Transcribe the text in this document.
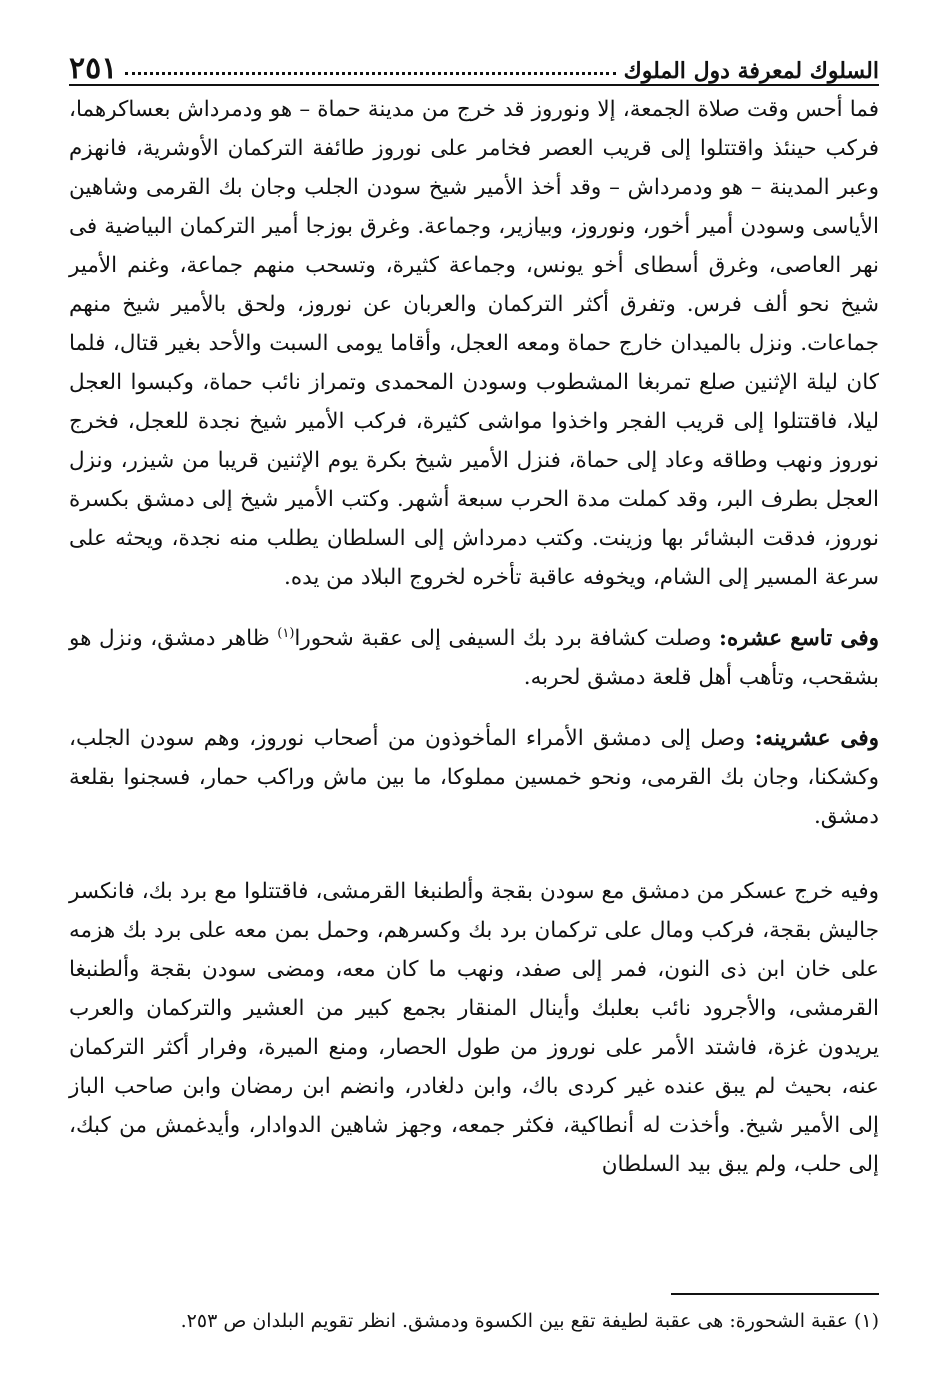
السلوك لمعرفة دول الملوك
٢٥١

فما أحس وقت صلاة الجمعة، إلا ونوروز قد خرج من مدينة حماة – هو ودمرداش بعساكرهما، فركب حينئذ واقتتلوا إلى قريب العصر فخامر على نوروز طائفة التركمان الأوشرية، فانهزم وعبر المدينة – هو ودمرداش – وقد أخذ الأمير شيخ سودن الجلب وجان بك القرمى وشاهين الأياسى وسودن أمير أخور، ونوروز، وبيازير، وجماعة. وغرق بوزجا أمير التركمان البياضية فى نهر العاصى، وغرق أسطاى أخو يونس، وجماعة كثيرة، وتسحب منهم جماعة، وغنم الأمير شيخ نحو ألف فرس. وتفرق أكثر التركمان والعربان عن نوروز، ولحق بالأمير شيخ منهم جماعات. ونزل بالميدان خارج حماة ومعه العجل، وأقاما يومى السبت والأحد بغير قتال، فلما كان ليلة الإثنين صلع تمربغا المشطوب وسودن المحمدى وتمراز نائب حماة، وكبسوا العجل ليلا، فاقتتلوا إلى قريب الفجر واخذوا مواشى كثيرة، فركب الأمير شيخ نجدة للعجل، فخرج نوروز ونهب وطاقه وعاد إلى حماة، فنزل الأمير شيخ بكرة يوم الإثنين قريبا من شيزر، ونزل العجل بطرف البر، وقد كملت مدة الحرب سبعة أشهر. وكتب الأمير شيخ إلى دمشق بكسرة نوروز، فدقت البشائر بها وزينت. وكتب دمرداش إلى السلطان يطلب منه نجدة، ويحثه على سرعة المسير إلى الشام، ويخوفه عاقبة تأخره لخروج البلاد من يده.

وفى تاسع عشره: وصلت كشافة برد بك السيفى إلى عقبة شحورا$^{(١)}$ ظاهر دمشق، ونزل هو بشقحب، وتأهب أهل قلعة دمشق لحربه.

وفى عشرينه: وصل إلى دمشق الأمراء المأخوذون من أصحاب نوروز، وهم سودن الجلب، وكشكنا، وجان بك القرمى، ونحو خمسين مملوكا، ما بين ماش وراكب حمار، فسجنوا بقلعة دمشق.

وفيه خرج عسكر من دمشق مع سودن بقجة وألطنبغا القرمشى، فاقتتلوا مع برد بك، فانكسر جاليش بقجة، فركب ومال على تركمان برد بك وكسرهم، وحمل بمن معه على برد بك هزمه على خان ابن ذى النون، فمر إلى صفد، ونهب ما كان معه، ومضى سودن بقجة وألطنبغا القرمشى، والأجرود نائب بعلبك وأينال المنقار بجمع كبير من العشير والتركمان والعرب يريدون غزة، فاشتد الأمر على نوروز من طول الحصار، ومنع الميرة، وفرار أكثر التركمان عنه، بحيث لم يبق عنده غير كردى باك، وابن دلغادر، وانضم ابن رمضان وابن صاحب الباز إلى الأمير شيخ. وأخذت له أنطاكية، فكثر جمعه، وجهز شاهين الدوادار، وأيدغمش من كبك، إلى حلب، ولم يبق بيد السلطان

(١) عقبة الشحورة: هى عقبة لطيفة تقع بين الكسوة ودمشق. انظر تقويم البلدان ص ٢٥٣.
